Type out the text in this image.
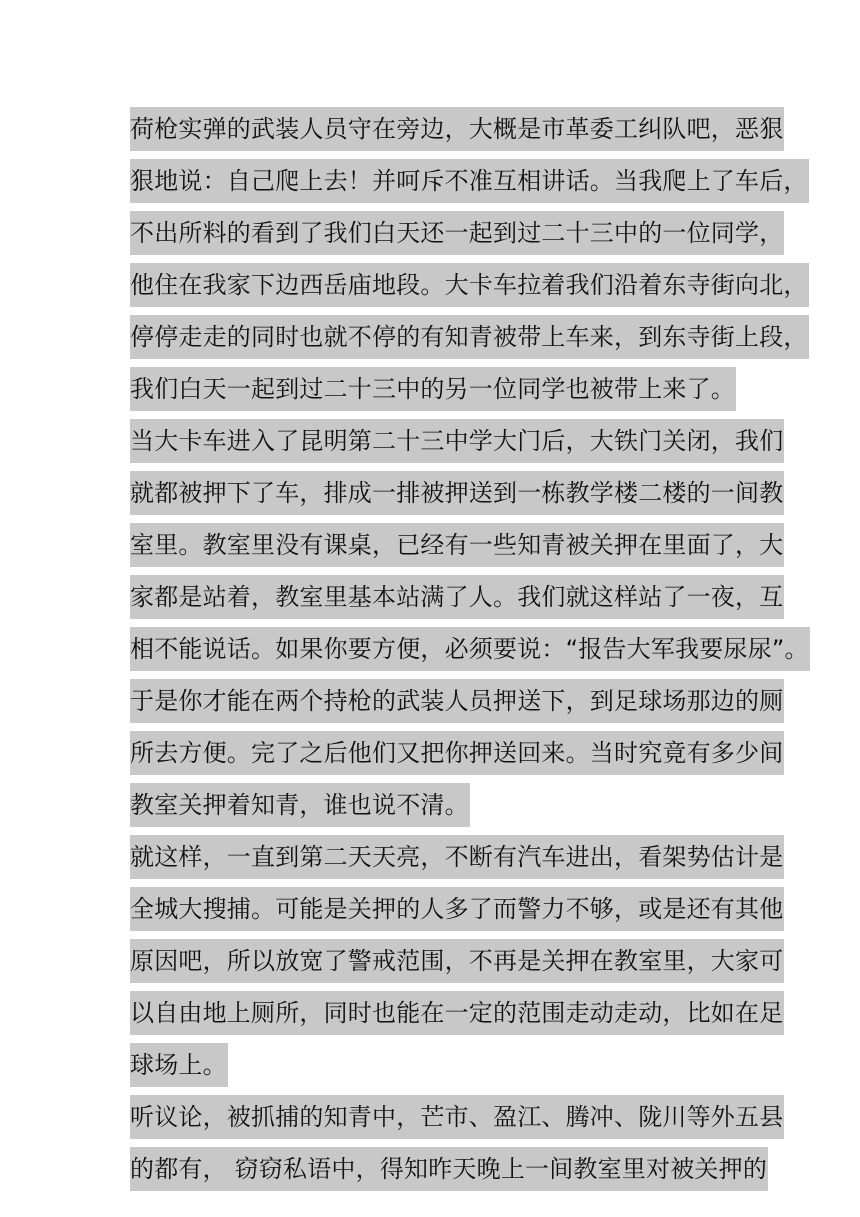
荷枪实弹的武装人员守在旁边，大概是市革委工纠队吧，恶狠

狠地说：自己爬上去！并呵斥不准互相讲话。当我爬上了车后，

不出所料的看到了我们白天还一起到过二十三中的一位同学，

他住在我家下边西岳庙地段。大卡车拉着我们沿着东寺街向北，

停停走走的同时也就不停的有知青被带上车来，到东寺街上段，

我们白天一起到过二十三中的另一位同学也被带上来了。

当大卡车进入了昆明第二十三中学大门后，大铁门关闭，我们

就都被押下了车，排成一排被押送到一栋教学楼二楼的一间教

室里。教室里没有课桌，已经有一些知青被关押在里面了，大

家都是站着，教室里基本站满了人。我们就这样站了一夜，互

相不能说话。如果你要方便，必须要说：“报告大军我要尿尿”。

于是你才能在两个持枪的武装人员押送下，到足球场那边的厕

所去方便。完了之后他们又把你押送回来。当时究竟有多少间

教室关押着知青，谁也说不清。

就这样，一直到第二天天亮，不断有汽车进出，看架势估计是

全城大搜捕。可能是关押的人多了而警力不够，或是还有其他

原因吧，所以放宽了警戒范围，不再是关押在教室里，大家可

以自由地上厕所，同时也能在一定的范围走动走动，比如在足

球场上。

听议论，被抓捕的知青中，芒市、盈江、腾冲、陇川等外五县

的都有， 窃窃私语中，得知昨天晚上一间教室里对被关押的
